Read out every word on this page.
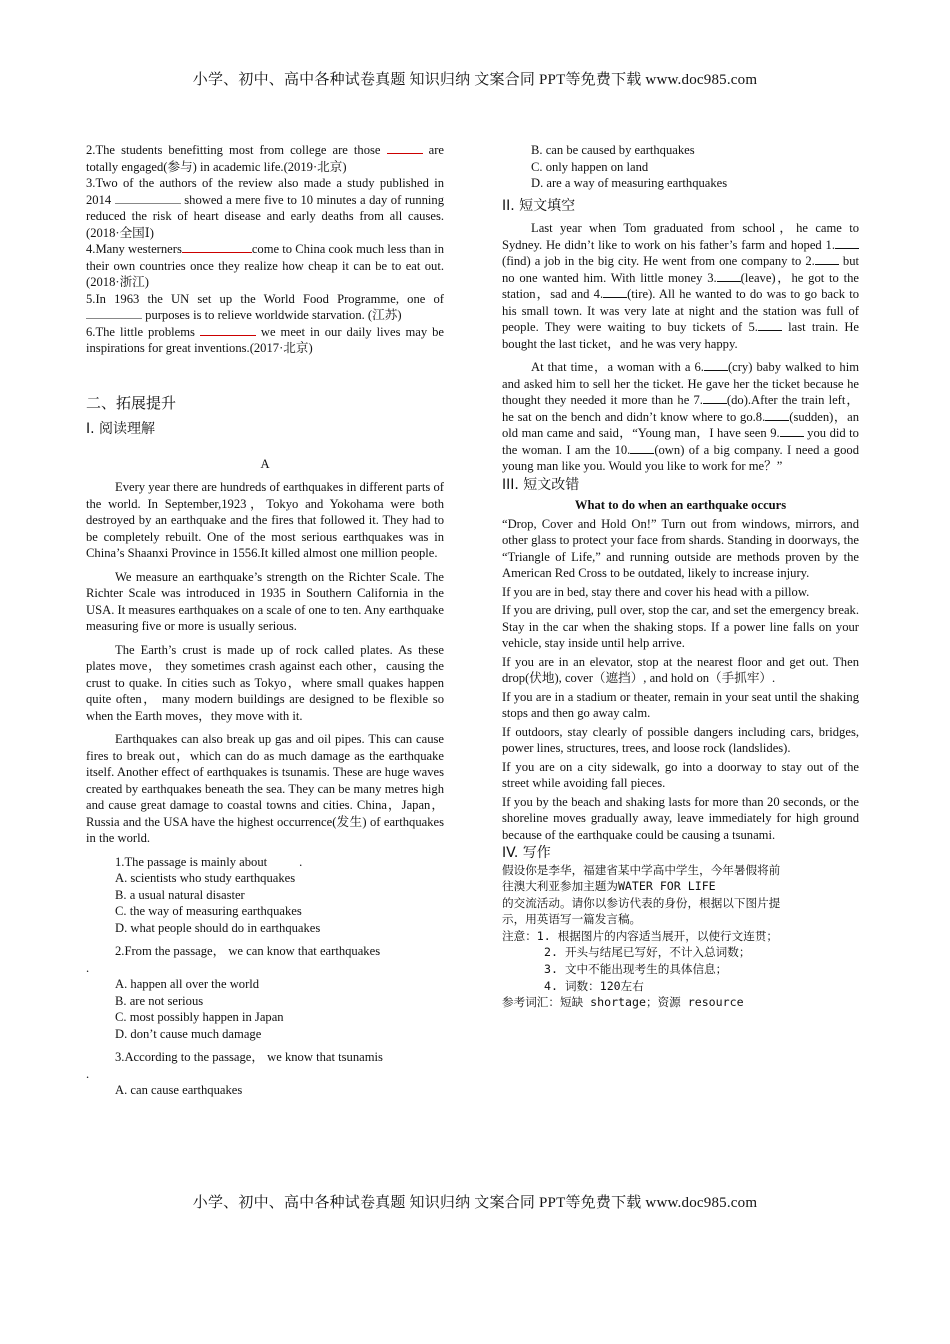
小学、初中、高中各种试卷真题 知识归纳 文案合同 PPT等免费下载 www.doc985.com

2.The students benefitting most from college are those	are totally engaged(参与) in academic life.(2019·北京)

3.Two of the authors of the review also made a study published in 2014	showed a mere five to 10 minutes a day of running reduced the risk of heart disease and early deaths from all causes.(2018·全国Ⅰ)

4.Many westerners	come to China cook much less than in their own countries once they realize how cheap it can be to eat out.(2018·浙江)

5.In 1963 the UN set up the World Food Programme, one of  purposes is to relieve worldwide starvation. (江苏)

6.The little problems	we meet in our daily lives may be inspirations for great inventions.(2017·北京)

二、拓展提升

I. 阅读理解

A

Every year there are hundreds of earthquakes in different parts of the world. In September,1923，Tokyo and Yokohama were both destroyed by an earthquake and the fires that followed it. They had to be completely rebuilt. One of the most serious earthquakes was in China’s Shaanxi Province in 1556.It killed almost one million people.

We measure an earthquake’s strength on the Richter Scale. The Richter Scale was introduced in 1935 in Southern California in the USA. It measures earthquakes on a scale of one to ten. Any earthquake measuring five or more is usually serious.

The Earth’s crust is made up of rock called plates. As these plates move， they sometimes crash against each other，causing the crust to quake. In cities such as Tokyo，where small quakes happen quite often， many modern buildings are designed to be flexible so when the Earth moves，they move with it.

Earthquakes can also break up gas and oil pipes. This can cause fires to break out，which can do as much damage as the earthquake itself. Another effect of earthquakes is tsunamis. These are huge waves created by earthquakes beneath the sea. They can be many metres high and cause great damage to coastal towns and cities. China，Japan，Russia and the USA have the highest occurrence(发生) of earthquakes in the world.

1.The passage is mainly about	.

A. scientists who study earthquakes

B. a usual natural disaster

C. the way of measuring earthquakes

D. what people should do in earthquakes

2.From the passage， we can know that earthquakes

.

A. happen all over the world

B. are not serious

C. most possibly happen in Japan

D. don’t cause much damage

3.According to the passage， we know that tsunamis

.

A. can cause earthquakes

B. can be caused by earthquakes

C. only happen on land

D. are a way of measuring earthquakes

II. 短文填空

Last year when Tom graduated from school，he came to Sydney. He didn’t like to work on his father’s farm and hoped 1.(find) a job in the big city. He went from one company to 2. but no one wanted him. With little money 3. (leave)，he got to the station，sad and 4. (tire). All he wanted to do was to go back to his small town. It was very late at night and the station was full of people. They were waiting to buy tickets of 5. last train. He bought the last ticket，and he was very happy.

At that time，a woman with a 6. (cry) baby walked to him and asked him to sell her the ticket. He gave her the ticket because he thought they needed it more than he 7. (do).After the train left， he sat on the bench and didn’t know where to go.8. (sudden)，an old man came and said，“Young man，I have seen 9. you did to the woman. I am the 10. (own) of a big company. I need a good young man like you. Would you like to work for me？”

III. 短文改错

What to do when an earthquake occurs

“Drop, Cover and Hold On!” Turn out from windows, mirrors, and other glass to protect your face from shards. Standing in doorways, the “Triangle of Life,” and running outside are methods proven by the American Red Cross to be outdated, likely to increase injury.

If you are in bed, stay there and cover his head with a pillow.

If you are driving, pull over, stop the car, and set the emergency break. Stay in the car when the shaking stops. If a power line falls on your vehicle, stay inside until help arrive.

If you are in an elevator, stop at the nearest floor and get out. Then drop(伏地), cover（遮挡）, and hold on（手抓牢）.

If you are in a stadium or theater, remain in your seat until the shaking stops and then go away calm.

If outdoors, stay clearly of possible dangers including cars, bridges, power lines, structures, trees, and loose rock (landslides).

If you are on a city sidewalk, go into a doorway to stay out of the street while avoiding fall pieces.

If you by the beach and shaking lasts for more than 20 seconds, or the shoreline moves gradually away, leave immediately for high ground because of the earthquake could be causing a tsunami.

IV. 写作

假设你是李华，福建省某中学高中学生，今年暑假将前

往澳大利亚参加主题为WATER FOR LIFE

的交流活动。请你以参访代表的身份，根据以下图片提

示，用英语写一篇发言稿。

注意：1. 根据图片的内容适当展开，以使行文连贯；

2. 开头与结尾已写好，不计入总词数；

3. 文中不能出现考生的具体信息；

4. 词数：120左右

参考词汇：短缺 shortage；资源 resource

小学、初中、高中各种试卷真题 知识归纳 文案合同 PPT等免费下载 www.doc985.com
